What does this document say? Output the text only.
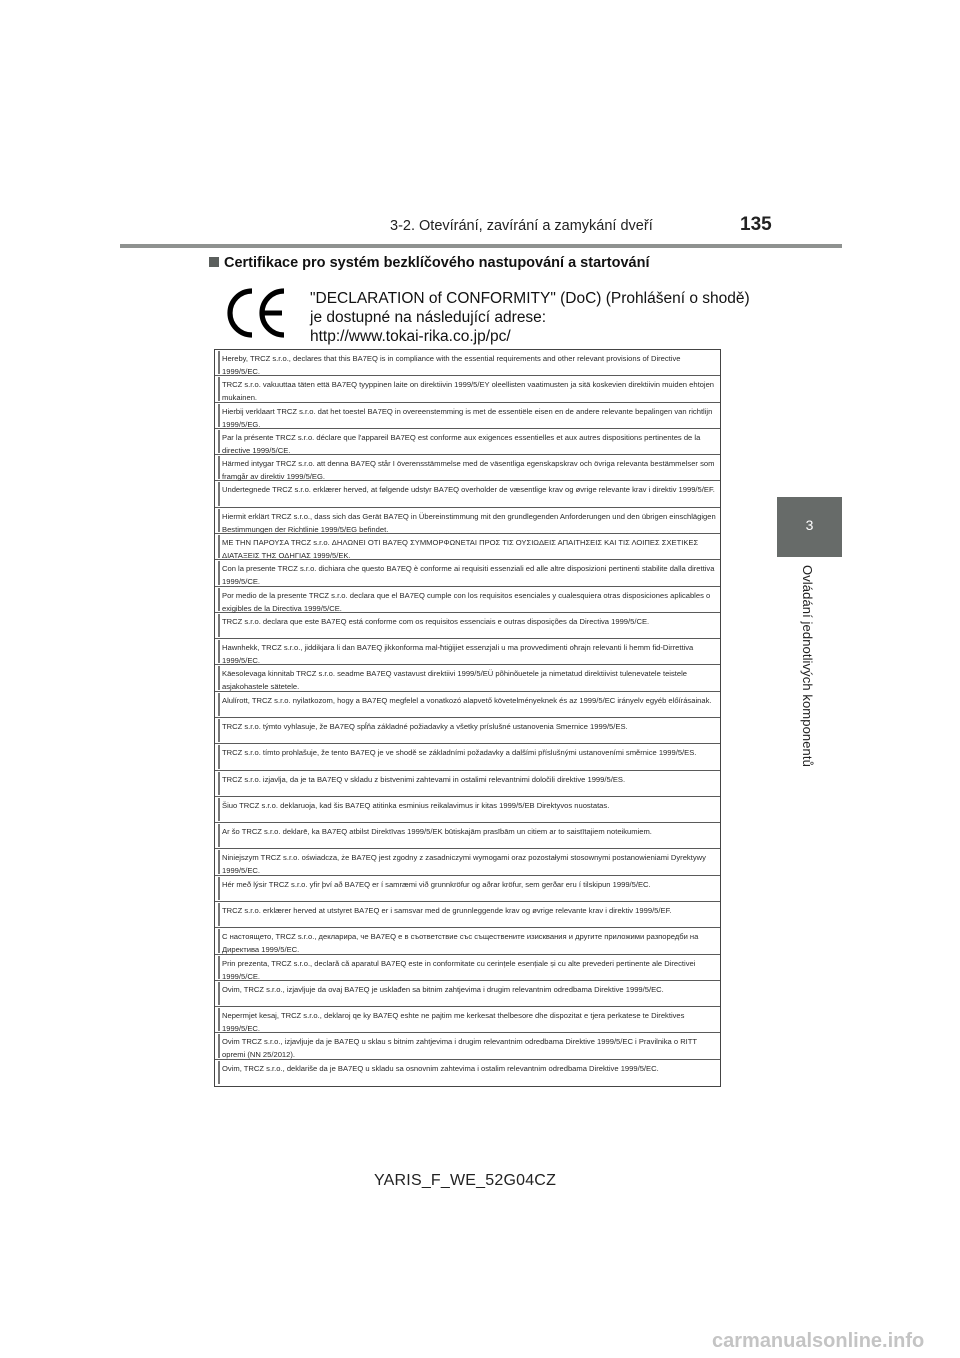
3-2. Otevírání, zavírání a zamykání dveří	135
3
Ovládání jednotlivých komponentů
Certifikace pro systém bezklíčového nastupování a startování
"DECLARATION of CONFORMITY" (DoC) (Prohlášení o shodě)
je dostupné na následující adrese:
http://www.tokai-rika.co.jp/pc/
Hereby, TRCZ s.r.o., declares that this BA7EQ is in compliance with the essential requirements and other relevant provisions of Directive 1999/5/EC.
TRCZ s.r.o. vakuuttaa täten että BA7EQ tyyppinen laite on direktiivin 1999/5/EY oleellisten vaatimusten ja sitä koskevien direktiivin muiden ehtojen mukainen.
Hierbij verklaart TRCZ s.r.o. dat het toestel BA7EQ in overeenstemming is met de essentiële eisen en de andere relevante bepalingen van richtlijn 1999/5/EG.
Par la présente TRCZ s.r.o. déclare que l'appareil BA7EQ est conforme aux exigences essentielles et aux autres dispositions pertinentes de la directive 1999/5/CE.
Härmed intygar TRCZ s.r.o. att denna BA7EQ står I överensstämmelse med de väsentliga egenskapskrav och övriga relevanta bestämmelser som framgår av direktiv 1999/5/EG.
Undertegnede TRCZ s.r.o. erklærer herved, at følgende udstyr BA7EQ overholder de væsentlige krav og øvrige relevante krav i direktiv 1999/5/EF.
Hiermit erklärt TRCZ s.r.o., dass sich das Gerät BA7EQ in Übereinstimmung mit den grundlegenden Anforderungen und den übrigen einschlägigen Bestimmungen der Richtlinie 1999/5/EG befindet.
ΜΕ ΤΗΝ ΠΑΡΟΥΣΑ TRCZ s.r.o. ΔΗΛΩΝΕΙ ΟΤΙ BA7EQ ΣΥΜΜΟΡΦΩΝΕΤΑΙ ΠΡΟΣ ΤΙΣ ΟΥΣΙΩΔΕΙΣ ΑΠΑΙΤΗΣΕΙΣ ΚΑΙ ΤΙΣ ΛΟΙΠΕΣ ΣΧΕΤΙΚΕΣ ΔΙΑΤΑΞΕΙΣ ΤΗΣ ΟΔΗΓΙΑΣ 1999/5/ΕΚ.
Con la presente TRCZ s.r.o. dichiara che questo BA7EQ è conforme ai requisiti essenziali ed alle altre disposizioni pertinenti stabilite dalla direttiva 1999/5/CE.
Por medio de la presente TRCZ s.r.o. declara que el BA7EQ cumple con los requisitos esenciales y cualesquiera otras disposiciones aplicables o exigibles de la Directiva 1999/5/CE.
TRCZ s.r.o. declara que este BA7EQ está conforme com os requisitos essenciais e outras disposições da Directiva 1999/5/CE.
Hawnhekk, TRCZ s.r.o., jiddikjara li dan BA7EQ jikkonforma mal-ħtiġijiet essenzjali u ma provvedimenti oħrajn relevanti li hemm fid-Dirrettiva 1999/5/EC.
Käesolevaga kinnitab TRCZ s.r.o. seadme BA7EQ vastavust direktiivi 1999/5/EÜ põhinõuetele ja nimetatud direktiivist tulenevatele teistele asjakohastele sätetele.
Alulírott, TRCZ s.r.o. nyilatkozom, hogy a BA7EQ megfelel a vonatkozó alapvető követelményeknek és az 1999/5/EC irányelv egyéb előírásainak.
TRCZ s.r.o. týmto vyhlasuje, že BA7EQ spĺňa základné požiadavky a všetky príslušné ustanovenia Smernice 1999/5/ES.
TRCZ s.r.o. tímto prohlašuje, že tento BA7EQ je ve shodě se základními požadavky a dalšími příslušnými ustanoveními směrnice 1999/5/ES.
TRCZ s.r.o. izjavlja, da je ta BA7EQ v skladu z bistvenimi zahtevami in ostalimi relevantnimi določili direktive 1999/5/ES.
Šiuo TRCZ s.r.o. deklaruoja, kad šis BA7EQ atitinka esminius reikalavimus ir kitas 1999/5/EB Direktyvos nuostatas.
Ar šo TRCZ s.r.o. deklarē, ka BA7EQ atbilst Direktīvas 1999/5/EK būtiskajām prasībām un citiem ar to saistītajiem noteikumiem.
Niniejszym TRCZ s.r.o. oświadcza, że BA7EQ jest zgodny z zasadniczymi wymogami oraz pozostałymi stosownymi postanowieniami Dyrektywy 1999/5/EC.
Hér með lýsir TRCZ s.r.o. yfir því að BA7EQ er í samræmi við grunnkröfur og aðrar kröfur, sem gerðar eru í tilskipun 1999/5/EC.
TRCZ s.r.o. erklærer herved at utstyret BA7EQ er i samsvar med de grunnleggende krav og øvrige relevante krav i direktiv 1999/5/EF.
С настоящето, TRCZ s.r.o., декларира, че BA7EQ е в съответствие със съществените изисквания и другите приложими разпоредби на Директива 1999/5/ЕС.
Prin prezenta, TRCZ s.r.o., declară că aparatul BA7EQ este in conformitate cu cerințele esențiale și cu alte prevederi pertinente ale Directivei 1999/5/CE.
Ovim, TRCZ s.r.o., izjavljuje da ovaj BA7EQ je usklađen sa bitnim zahtjevima i drugim relevantnim odredbama Direktive 1999/5/EC.
Nepermjet kesaj, TRCZ s.r.o., deklaroj qe ky BA7EQ eshte ne pajtim me kerkesat thelbesore dhe dispozitat e tjera perkatese te Direktives 1999/5/EC.
Ovim TRCZ s.r.o., izjavljuje da je BA7EQ u sklau s bitnim zahtjevima i drugim relevantnim odredbama Direktive 1999/5/EC i Pravilnika o RITT opremi (NN 25/2012).
Ovim, TRCZ s.r.o., deklariše da je BA7EQ u skladu sa osnovnim zahtevima i ostalim relevantnim odredbama Direktive 1999/5/EC.
YARIS_F_WE_52G04CZ
carmanualsonline.info
